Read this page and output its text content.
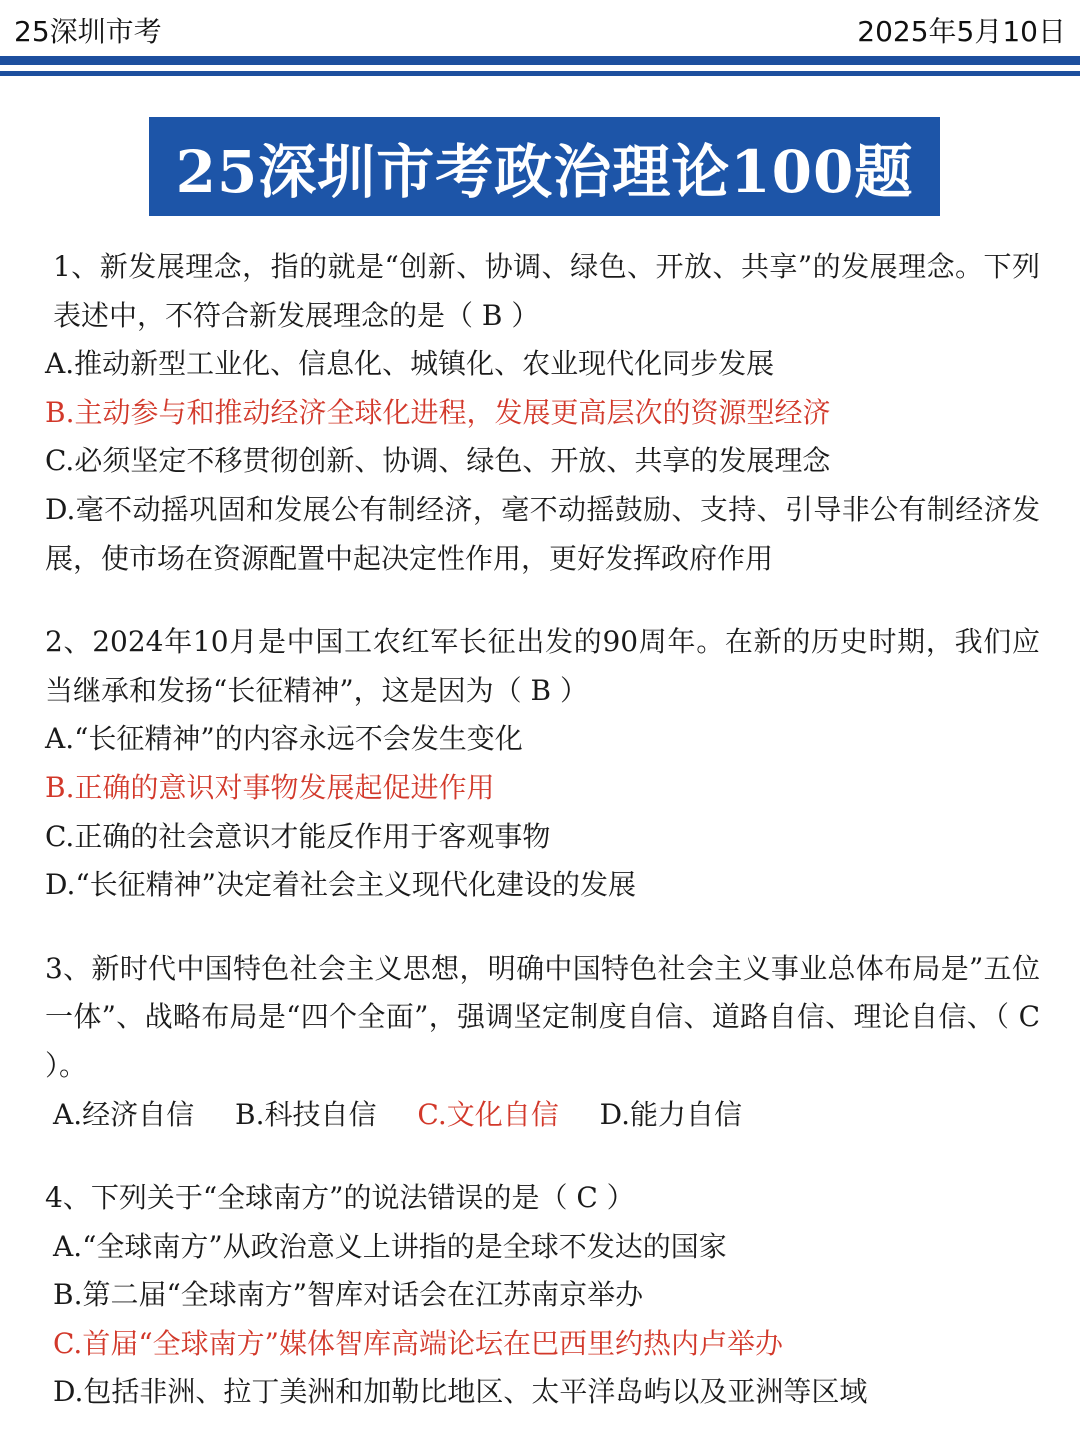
25深圳市考	2025年5月10日
25深圳市考政治理论100题
1、新发展理念，指的就是“创新、协调、绿色、开放、共享”的发展理念。下列表述中，不符合新发展理念的是（ B ）
A.推动新型工业化、信息化、城镇化、农业现代化同步发展
B.主动参与和推动经济全球化进程，发展更高层次的资源型经济
C.必须坚定不移贯彻创新、协调、绿色、开放、共享的发展理念
D.毫不动摇巩固和发展公有制经济，毫不动摇鼓励、支持、引导非公有制经济发展，使市场在资源配置中起决定性作用，更好发挥政府作用
2、2024年10月是中国工农红军长征出发的90周年。在新的历史时期，我们应当继承和发扬“长征精神”，这是因为（ B ）
A.“长征精神”的内容永远不会发生变化
B.正确的意识对事物发展起促进作用
C.正确的社会意识才能反作用于客观事物
D.“长征精神”决定着社会主义现代化建设的发展
3、新时代中国特色社会主义思想，明确中国特色社会主义事业总体布局是”五位一体”、战略布局是“四个全面”，强调坚定制度自信、道路自信、理论自信、（ C ）。
A.经济自信 B.科技自信 C.文化自信 D.能力自信
4、下列关于“全球南方”的说法错误的是（ C ）
A.“全球南方”从政治意义上讲指的是全球不发达的国家
B.第二届“全球南方”智库对话会在江苏南京举办
C.首届“全球南方”媒体智库高端论坛在巴西里约热内卢举办
D.包括非洲、拉丁美洲和加勒比地区、太平洋岛屿以及亚洲等区域
